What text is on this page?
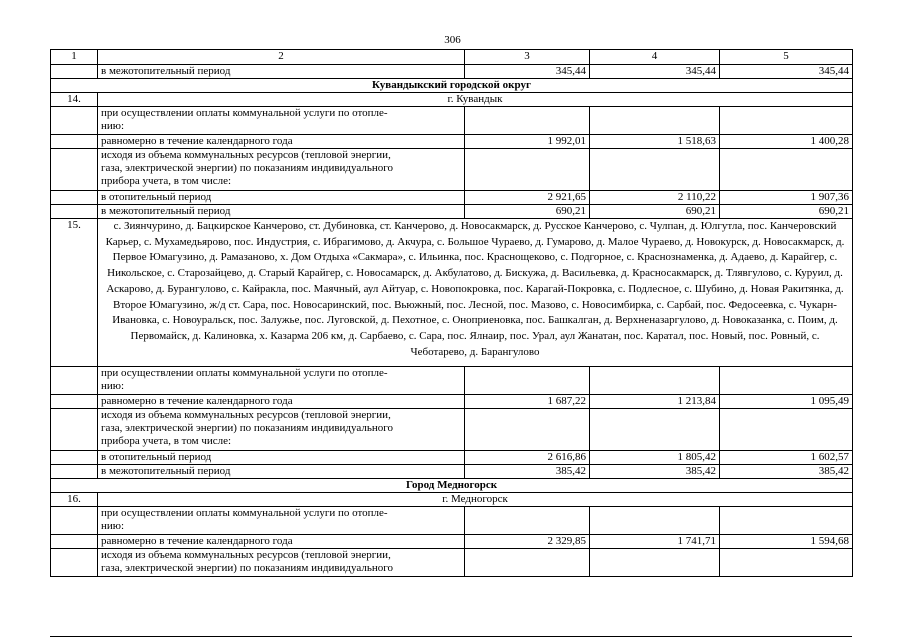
306
1	2	3	4	5
	в межотопительный период	345,44	345,44	345,44
Кувандыкский городской округ				
14.	г. Кувандык			
	при осуществлении оплаты коммунальной услуги по отопле-
нию:			
	равномерно в течение календарного года	1 992,01	1 518,63	1 400,28
	исходя из объема коммунальных ресурсов (тепловой энергии,
газа, электрической энергии) по показаниям индивидуального
прибора учета, в том числе:			
	в отопительный период	2 921,65	2 110,22	1 907,36
	в межотопительный период	690,21	690,21	690,21
15.	с. Зиянчурино, д. Бацкирское Канчерово, ст. Дубиновка, ст. Канчерово, д. Новосакмарск, д. Русское Канчерово, с. Чулпан, д. Юлгутла, пос. Канчеровский Карьер, с. Мухамедьярово, пос. Индустрия, с. Ибрагимово, д. Акчура, с. Большое Чураево, д. Гумарово, д. Малое Чураево, д. Новокурск, д. Новосакмарск, д. Первое Юмагузино, д. Рамазаново, х. Дом Отдыха «Сакмара», с. Ильинка, пос. Краснощеково, с. Подгорное, с. Краснознаменка, д. Адаево, д. Карайгер, с. Никольское, с. Старозайцево, д. Старый Карайгер, с. Новосамарск, д. Акбулатово, д. Бискужа, д. Васильевка, д. Красносакмарск, д. Тлявгулово, с. Куруил, д. Аскарово, д. Бурангулово, с. Кайракла, пос. Маячный, аул Айтуар, с. Новопокровка, пос. Карагай-Покровка, с. Подлесное, с. Шубино, д. Новая Ракитянка, д. Второе Юмагузино, ж/д ст. Сара, пос. Новосаринский, пос. Вьюжный, пос. Лесной, пос. Мазово, с. Новосимбирка, с. Сарбай, пос. Федосеевка, с. Чукарн-Ивановка, с. Новоуральск, пос. Залужье, пос. Луговской, д. Пехотное, с. Оноприеновка, пос. Башкалган, д. Верхненазаргулово, д. Новоказанка, с. Поим, д. Первомайск, д. Калиновка, х. Казарма 206 км, д. Сарбаево, с. Сара, пос. Ялнаир, пос. Урал, аул Жанатан, пос. Каратал, пос. Новый, пос. Ровный, с. Чеботарево, д. Барангулово			
	при осуществлении оплаты коммунальной услуги по отопле-
нию:			
	равномерно в течение календарного года	1 687,22	1 213,84	1 095,49
	исходя из объема коммунальных ресурсов (тепловой энергии,
газа, электрической энергии) по показаниям индивидуального
прибора учета, в том числе:			
	в отопительный период	2 616,86	1 805,42	1 602,57
	в межотопительный период	385,42	385,42	385,42
Город Медногорск				
16.	г. Медногорск			
	при осуществлении оплаты коммунальной услуги по отопле-
нию:			
	равномерно в течение календарного года	2 329,85	1 741,71	1 594,68
	исходя из объема коммунальных ресурсов (тепловой энергии,
газа, электрической энергии) по показаниям индивидуального			
